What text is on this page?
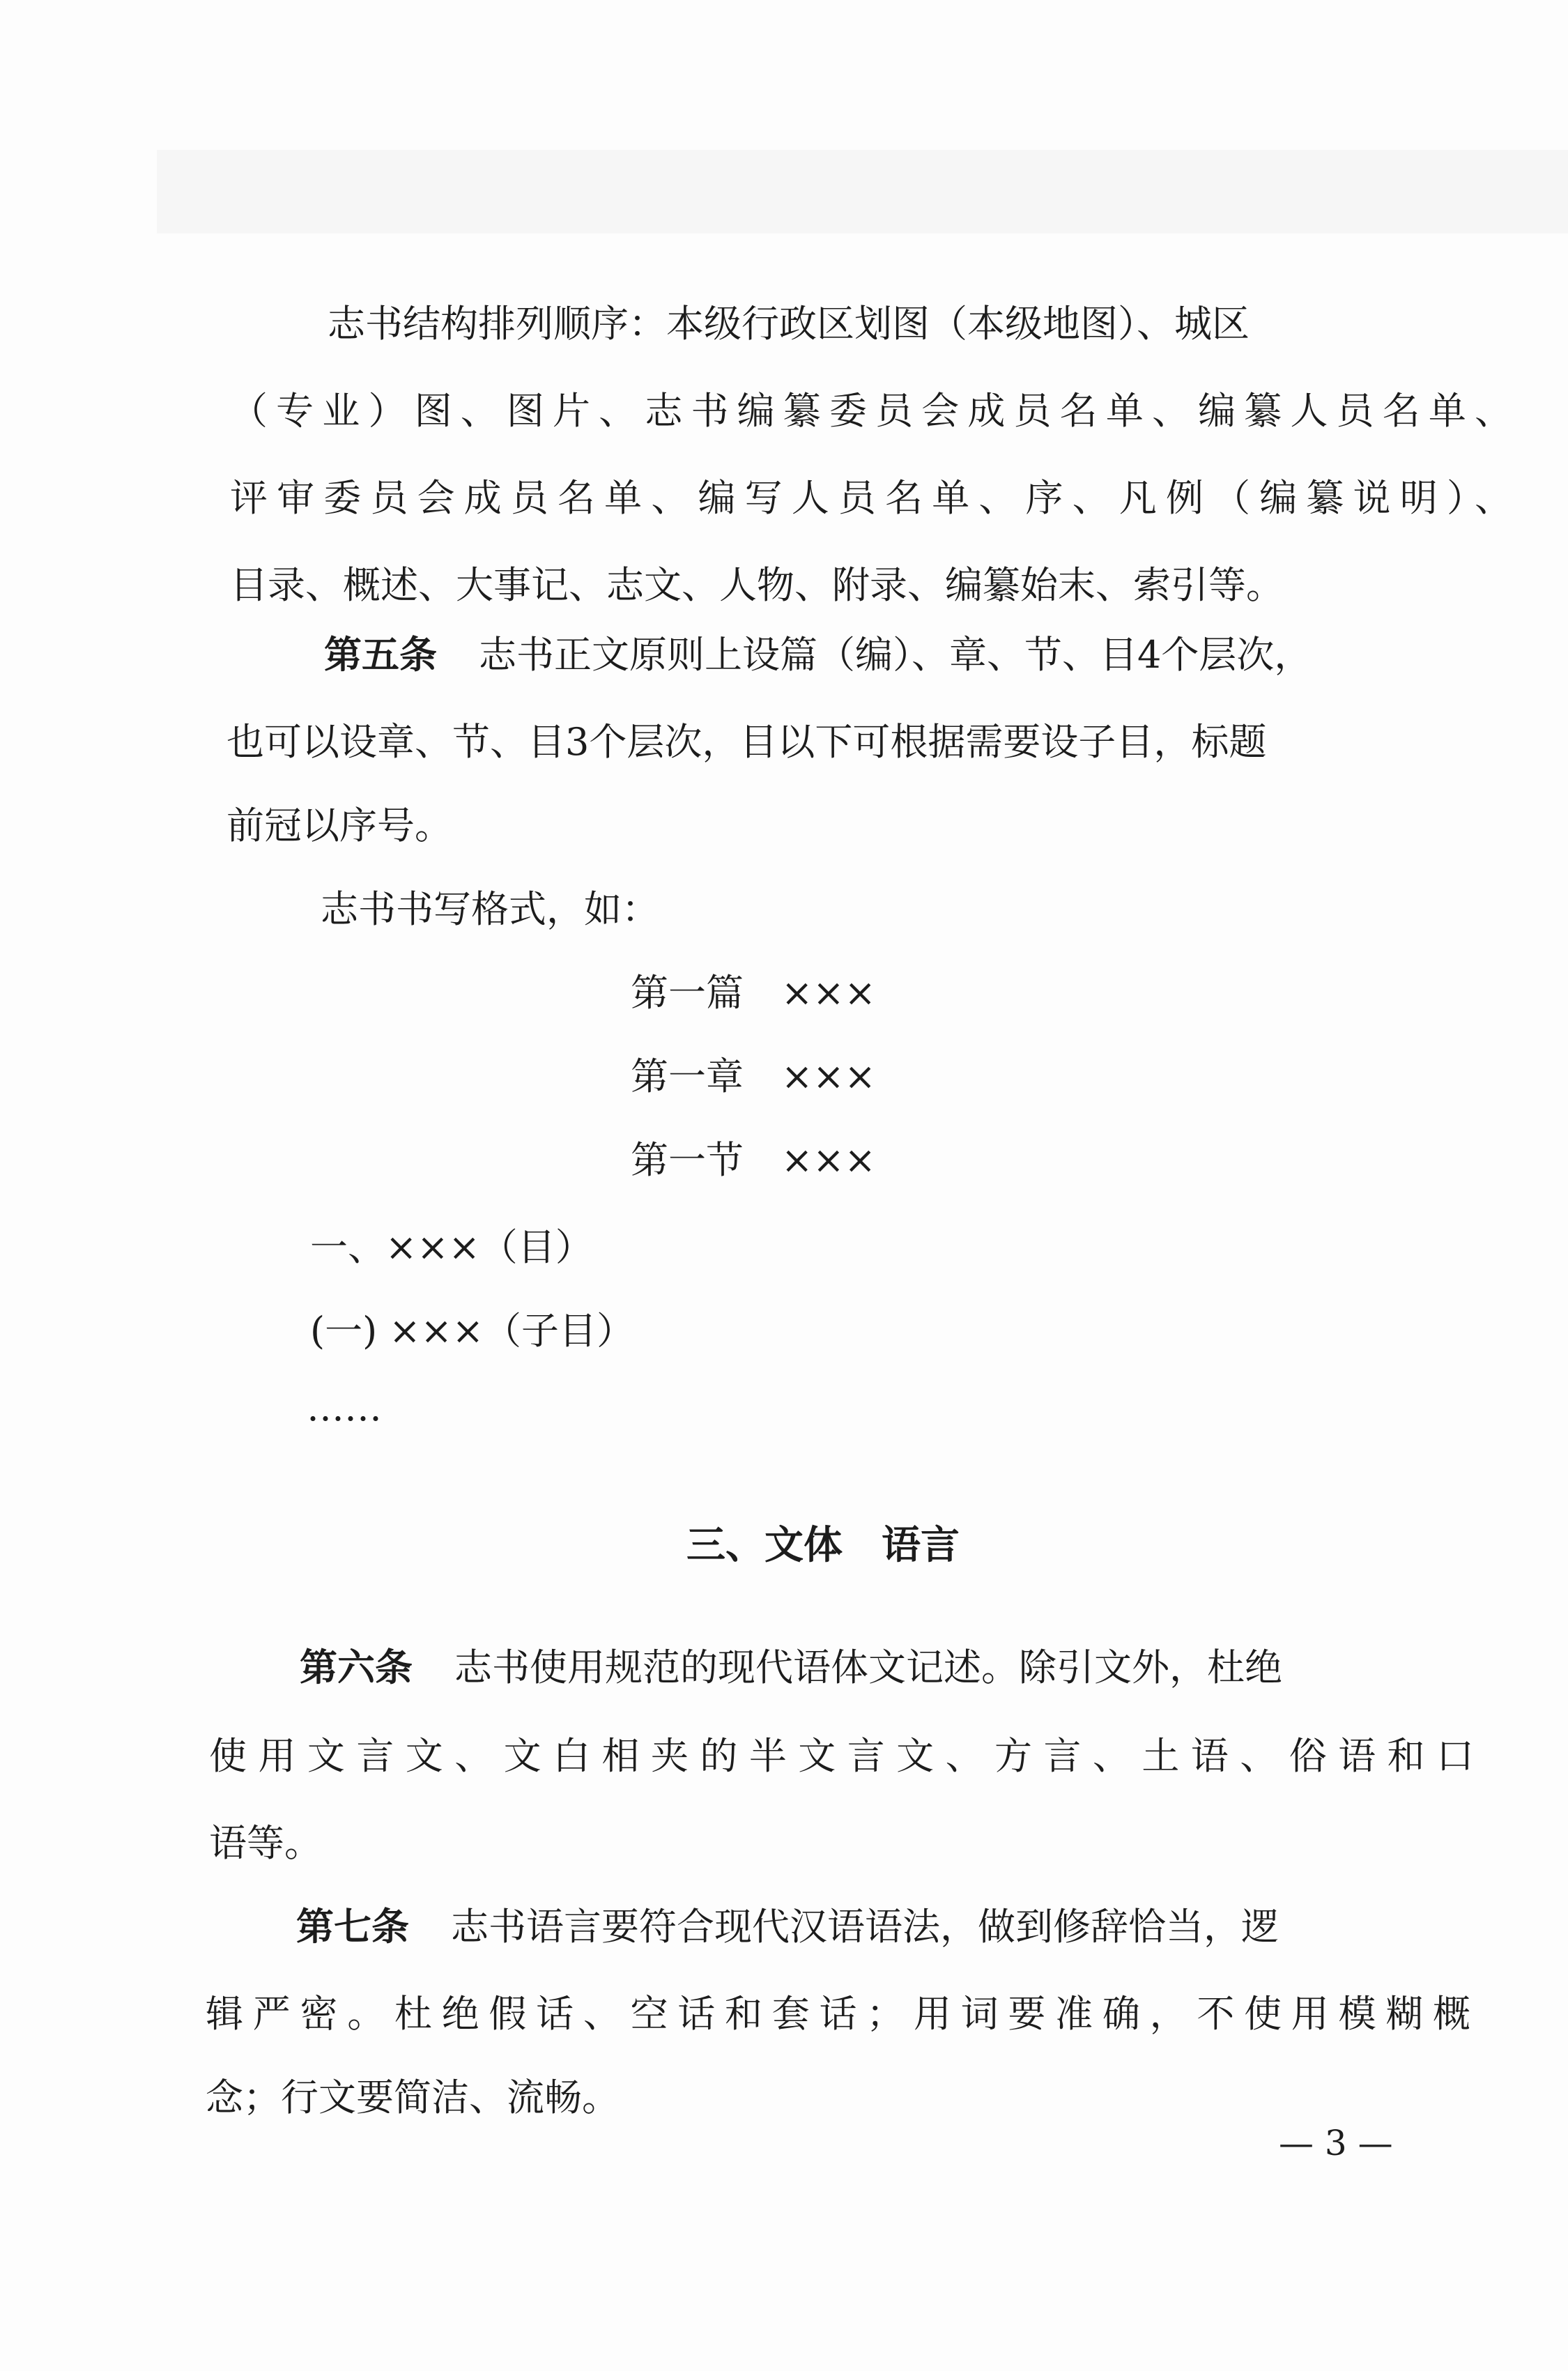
志书结构排列顺序：本级行政区划图（本级地图）、城区
（专业）图、图片、志书编纂委员会成员名单、编纂人员名单、
评审委员会成员名单、编写人员名单、序、凡例（编纂说明）、
目录、概述、大事记、志文、人物、附录、编纂始末、索引等。
第五条 志书正文原则上设篇（编）、章、节、目4个层次，
也可以设章、节、目3个层次，目以下可根据需要设子目，标题
前冠以序号。
志书书写格式，如：
第一篇　×××
第一章　×××
第一节　×××
一、×××（目）
(一) ×××（子目）
……
三、文体 语言
第六条 志书使用规范的现代语体文记述。除引文外，杜绝
使用文言文、文白相夹的半文言文、方言、土语、俗语和口
语等。
第七条 志书语言要符合现代汉语语法，做到修辞恰当，逻
辑严密。杜绝假话、空话和套话；用词要准确，不使用模糊概
念；行文要简洁、流畅。
— 3 —
